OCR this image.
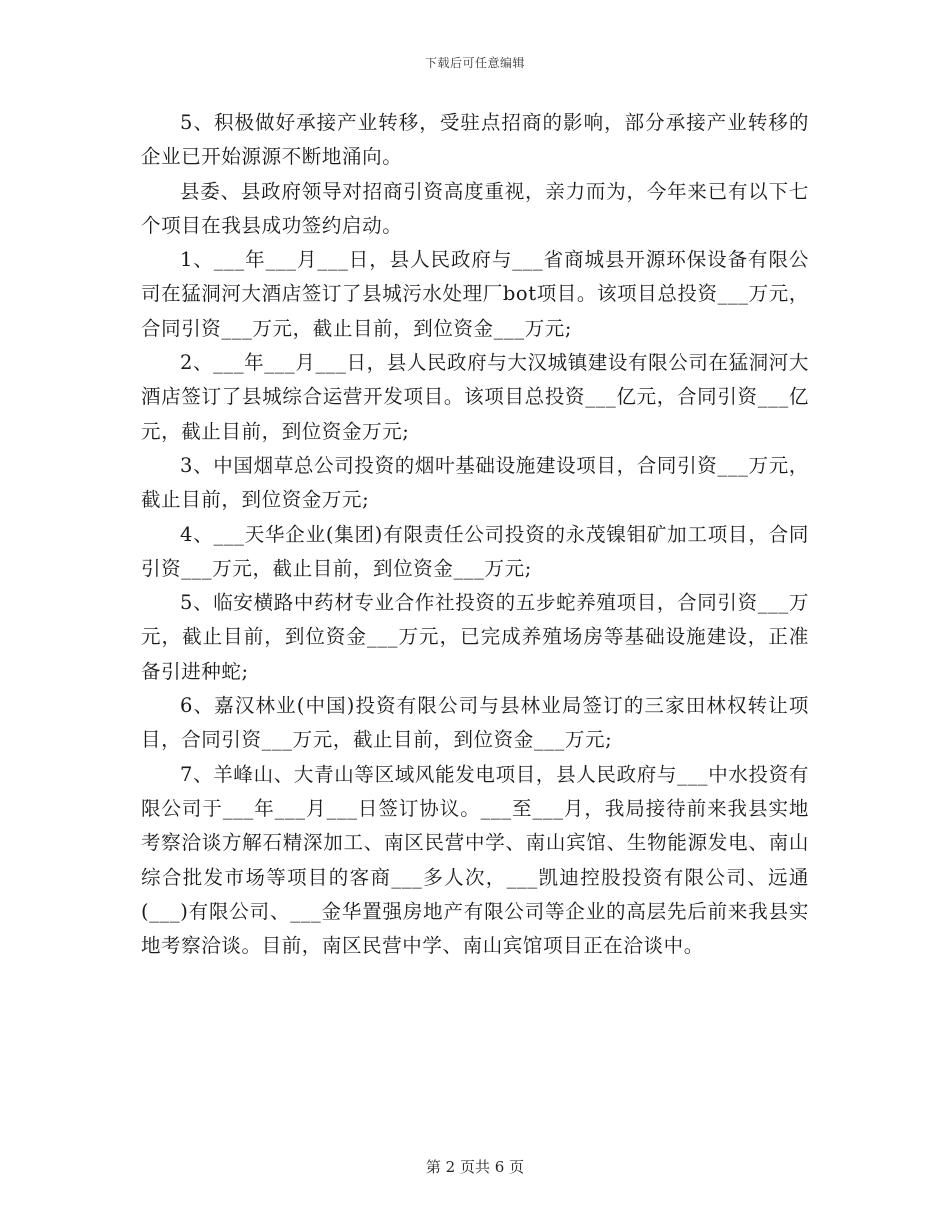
下载后可任意编辑

5、积极做好承接产业转移，受驻点招商的影响，部分承接产业转移的企业已开始源源不断地涌向。

县委、县政府领导对招商引资高度重视，亲力而为，今年来已有以下七个项目在我县成功签约启动。

1、___年___月___日，县人民政府与___省商城县开源环保设备有限公司在猛洞河大酒店签订了县城污水处理厂bot项目。该项目总投资___万元，合同引资___万元，截止目前，到位资金___万元;

2、___年___月___日，县人民政府与大汉城镇建设有限公司在猛洞河大酒店签订了县城综合运营开发项目。该项目总投资___亿元，合同引资___亿元，截止目前，到位资金万元;

3、中国烟草总公司投资的烟叶基础设施建设项目，合同引资___万元，截止目前，到位资金万元;

4、___天华企业(集团)有限责任公司投资的永茂镍钼矿加工项目，合同引资___万元，截止目前，到位资金___万元;

5、临安横路中药材专业合作社投资的五步蛇养殖项目，合同引资___万元，截止目前，到位资金___万元，已完成养殖场房等基础设施建设，正准备引进种蛇;

6、嘉汉林业(中国)投资有限公司与县林业局签订的三家田林权转让项目，合同引资___万元，截止目前，到位资金___万元;

7、羊峰山、大青山等区域风能发电项目，县人民政府与___中水投资有限公司于___年___月___日签订协议。___至___月，我局接待前来我县实地考察洽谈方解石精深加工、南区民营中学、南山宾馆、生物能源发电、南山综合批发市场等项目的客商___多人次，___凯迪控股投资有限公司、远通(___)有限公司、___金华置强房地产有限公司等企业的高层先后前来我县实地考察洽谈。目前，南区民营中学、南山宾馆项目正在洽谈中。

第 2 页共 6 页
